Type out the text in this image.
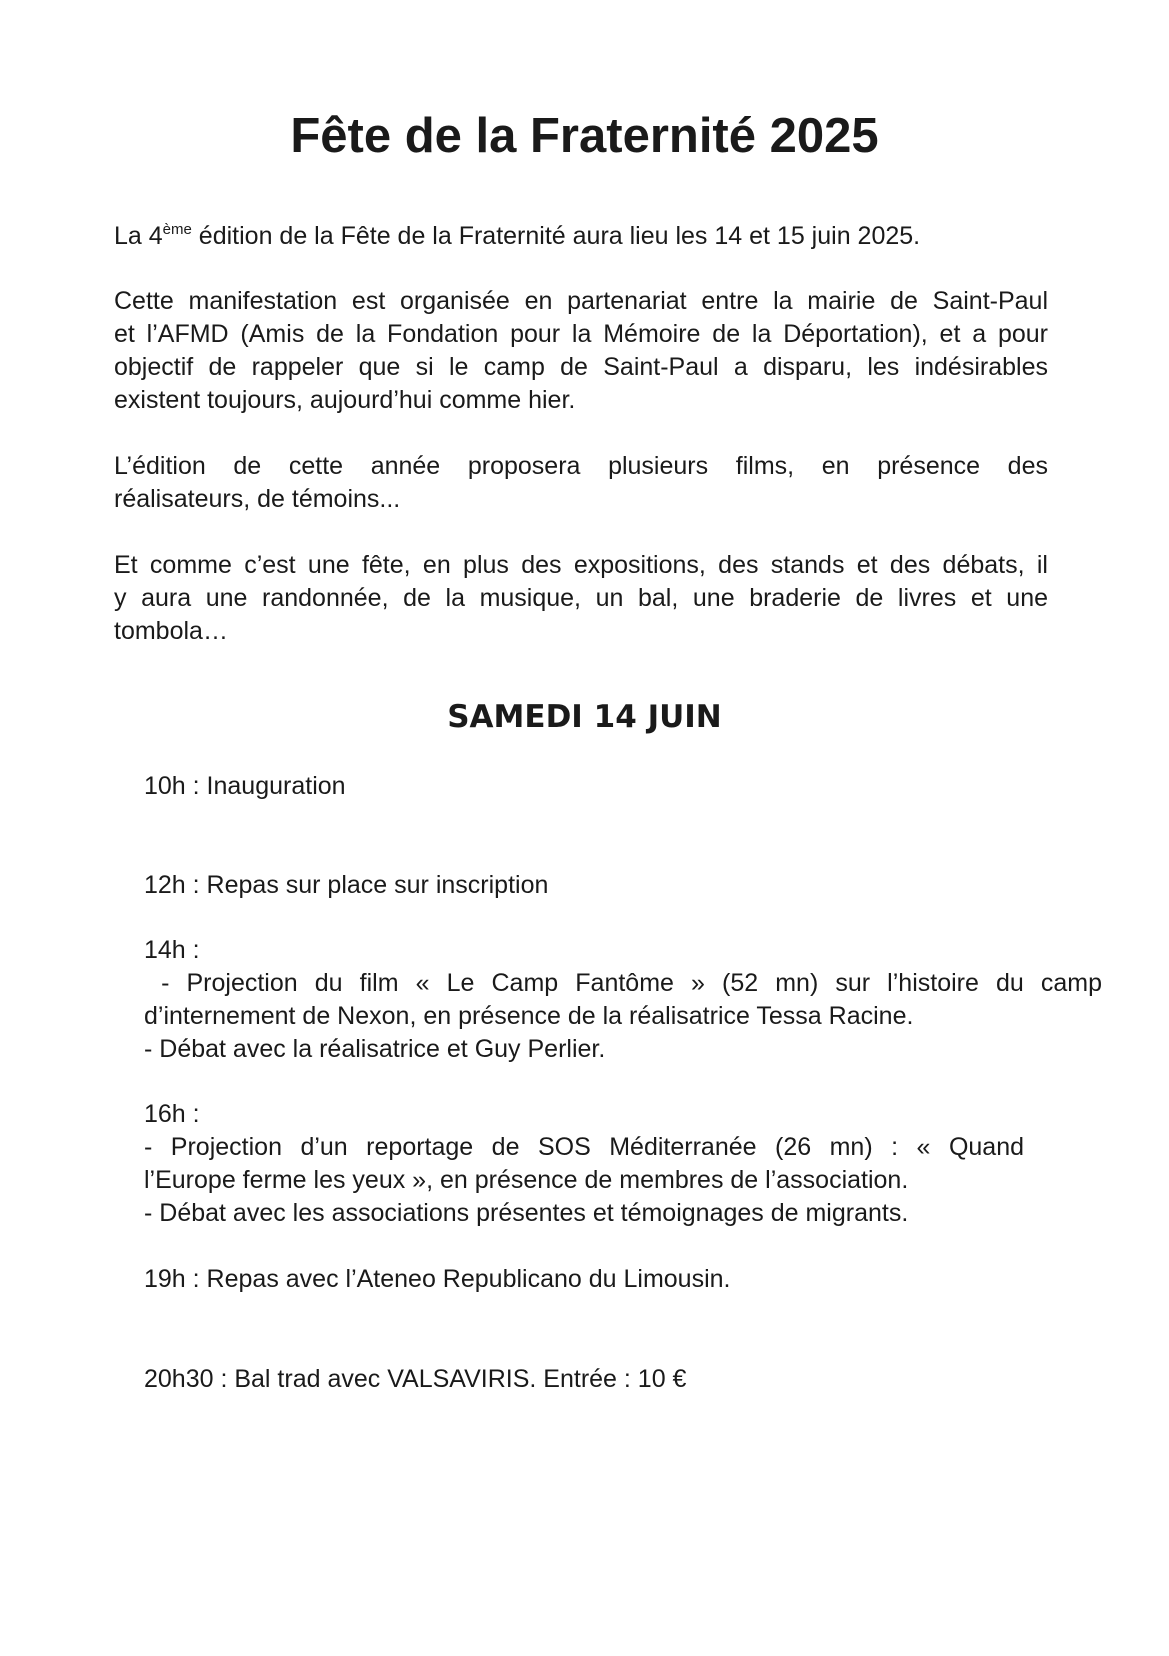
Fête de la Fraternité 2025

La 4ème édition de la Fête de la Fraternité aura lieu les 14 et 15 juin 2025.

Cette manifestation est organisée en partenariat entre la mairie de Saint-Paul
et l’AFMD (Amis de la Fondation pour la Mémoire de la Déportation), et a pour
objectif de rappeler que si le camp de Saint-Paul a disparu, les indésirables
existent toujours, aujourd’hui comme hier.

L’édition de cette année proposera plusieurs films, en présence des
réalisateurs, de témoins...

Et comme c’est une fête, en plus des expositions, des stands et des débats, il
y aura une randonnée, de la musique, un bal, une braderie de livres et une
tombola…

SAMEDI 14 JUIN

10h : Inauguration

12h : Repas sur place sur inscription

14h :
- Projection du film « Le Camp Fantôme » (52 mn) sur l’histoire du camp
d’internement de Nexon, en présence de la réalisatrice Tessa Racine.
- Débat avec la réalisatrice et Guy Perlier.
16h :
- Projection d’un reportage de SOS Méditerranée (26 mn) : « Quand
l’Europe ferme les yeux », en présence de membres de l’association.
- Débat avec les associations présentes et témoignages de migrants.

19h : Repas avec l’Ateneo Republicano du Limousin.

20h30 : Bal trad avec VALSAVIRIS. Entrée : 10 €
